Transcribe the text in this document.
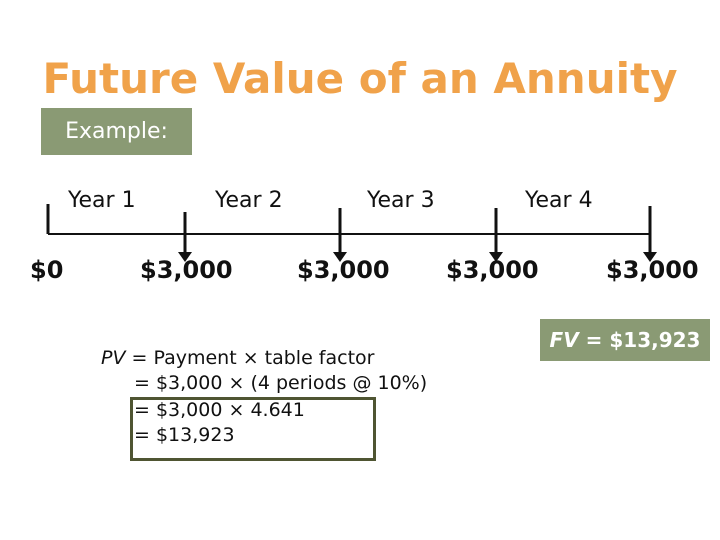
Future Value of an Annuity
Example:
Year 1	Year 2	Year 3	Year 4
$0	$3,000	$3,000 $3,000	$3,000
PV = Payment × table factor
= $3,000 × (4 periods @ 10%)
= $3,000 × 4.641
= $13,923
FV = $13,923
